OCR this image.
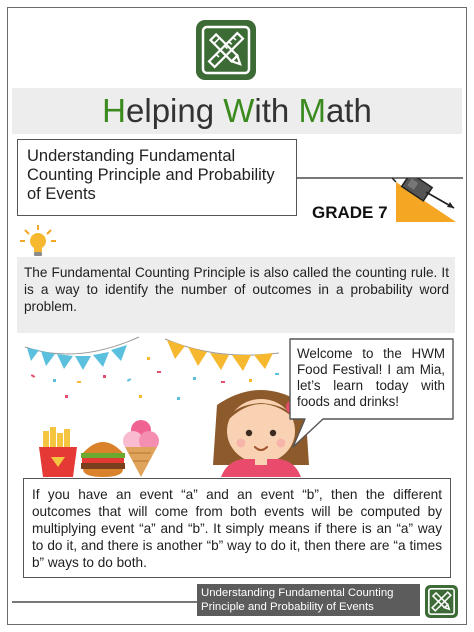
Helping With Math
Understanding Fundamental Counting Principle and Probability of Events
GRADE 7
The Fundamental Counting Principle is also called the counting rule. It is a way to identify the number of outcomes in a probability word problem.
Welcome to the HWM Food Festival! I am Mia, let’s learn today with foods and drinks!
If you have an event “a” and an event “b”, then the different outcomes that will come from both events will be computed by multiplying event “a” and “b”. It simply means if there is an “a” way to do it, and there is another “b” way to do it, then there are “a times b” ways to do both.
Understanding Fundamental Counting Principle and Probability of Events
